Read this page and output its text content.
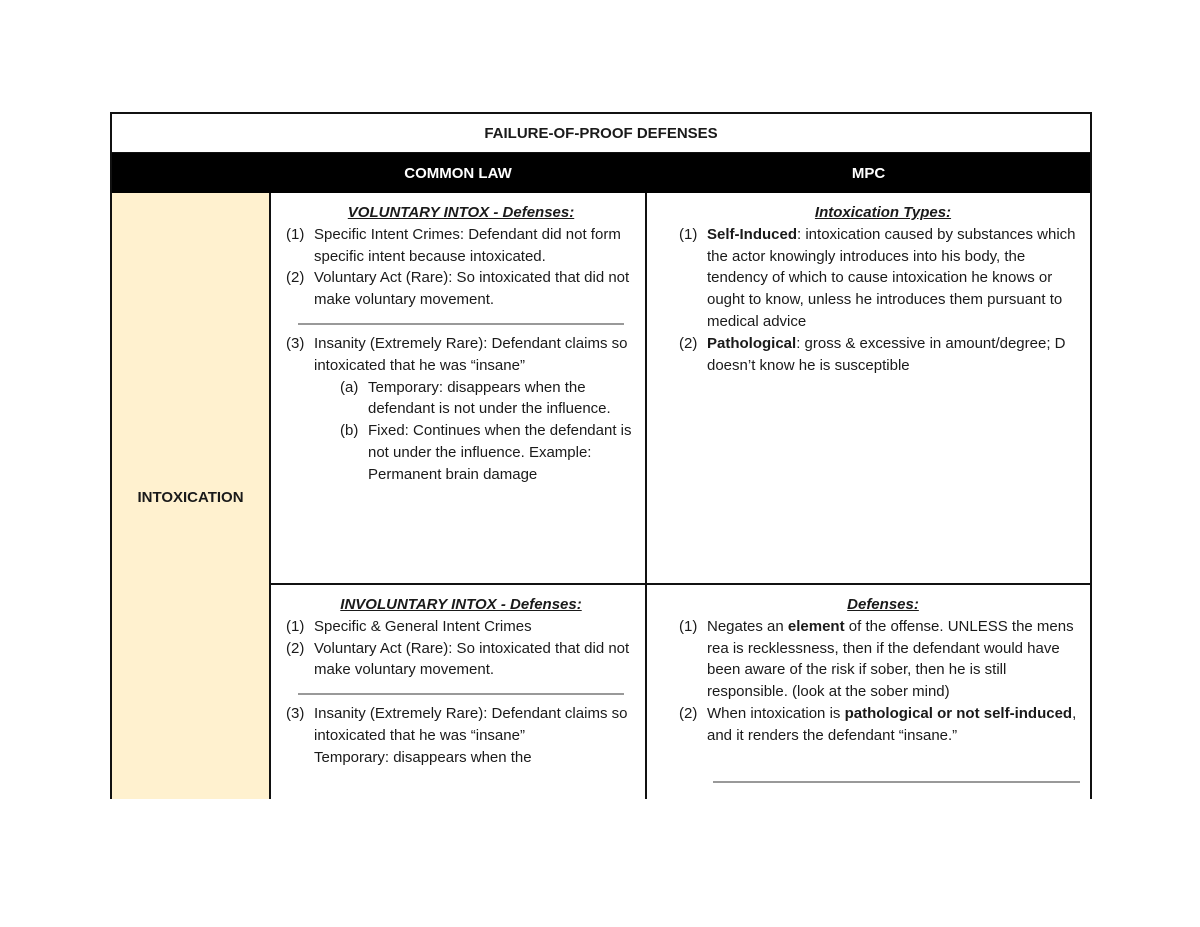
FAILURE-OF-PROOF DEFENSES
COMMON LAW	MPC
INTOXICATION
VOLUNTARY INTOX - Defenses:
(1) Specific Intent Crimes: Defendant did not form specific intent because intoxicated.
(2) Voluntary Act (Rare): So intoxicated that did not make voluntary movement.
(3) Insanity (Extremely Rare): Defendant claims so intoxicated that he was “insane”
(a) Temporary: disappears when the defendant is not under the influence.
(b) Fixed: Continues when the defendant is not under the influence. Example: Permanent brain damage
Intoxication Types:
(1) Self-Induced: intoxication caused by substances which the actor knowingly introduces into his body, the tendency of which to cause intoxication he knows or ought to know, unless he introduces them pursuant to medical advice
(2) Pathological: gross & excessive in amount/degree; D doesn’t know he is susceptible
INVOLUNTARY INTOX - Defenses:
(1) Specific & General Intent Crimes
(2) Voluntary Act (Rare): So intoxicated that did not make voluntary movement.
(3) Insanity (Extremely Rare): Defendant claims so intoxicated that he was “insane”
Temporary: disappears when the
Defenses:
(1) Negates an element of the offense. UNLESS the mens rea is recklessness, then if the defendant would have been aware of the risk if sober, then he is still responsible. (look at the sober mind)
(2) When intoxication is pathological or not self-induced, and it renders the defendant “insane.”
